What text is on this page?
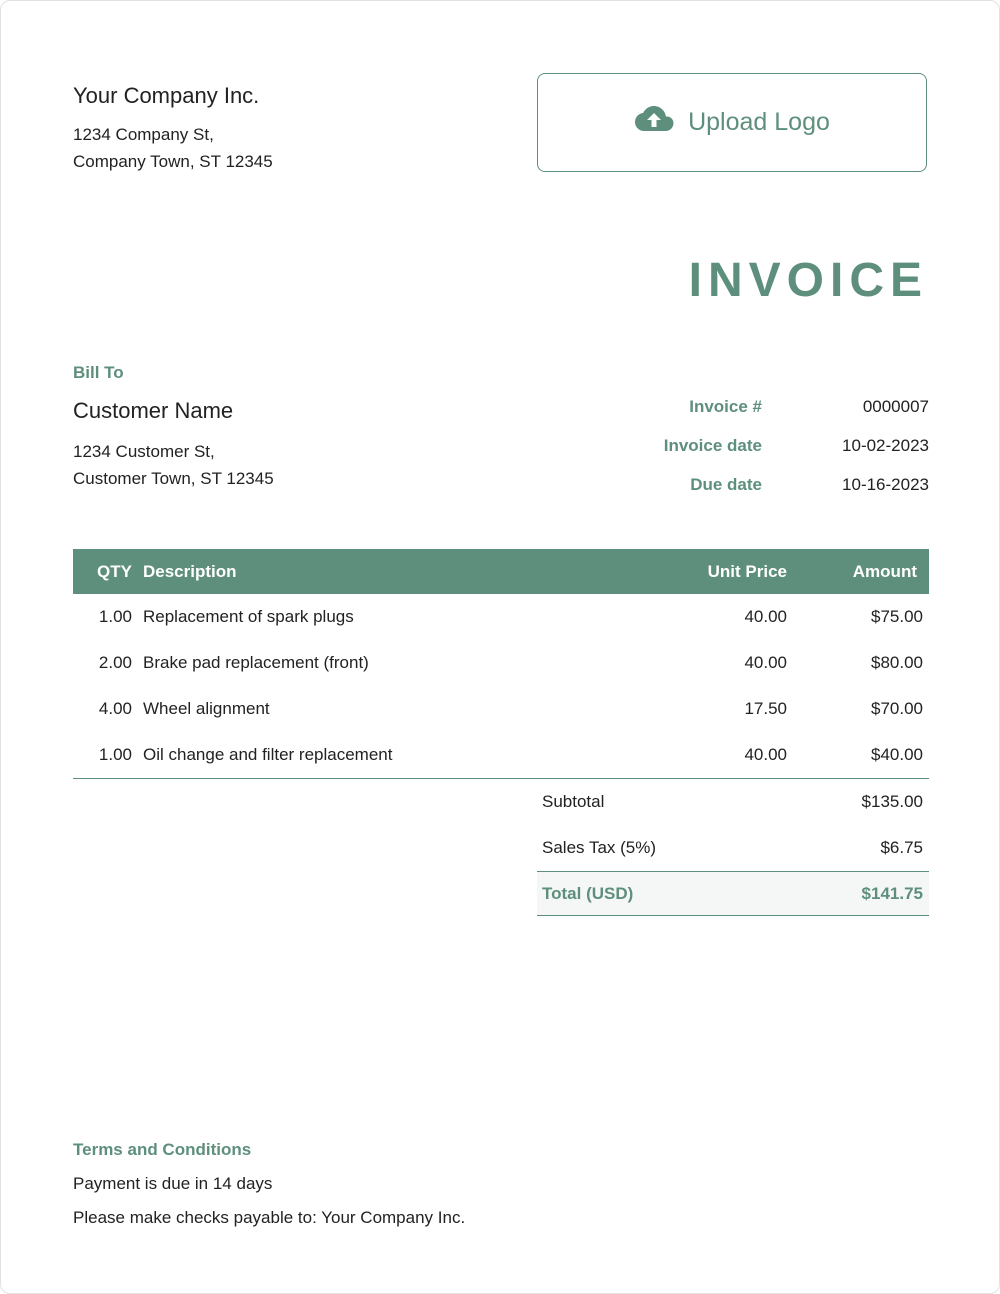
Your Company Inc.
1234 Company St,
Company Town, ST 12345
Upload Logo
INVOICE
Bill To
Customer Name
1234 Customer St,
Customer Town, ST 12345
Invoice #	0000007
Invoice date	10-02-2023
Due date	10-16-2023
QTY	Description	Unit Price	Amount
1.00	Replacement of spark plugs	40.00	$75.00
2.00	Brake pad replacement (front)	40.00	$80.00
4.00	Wheel alignment	17.50	$70.00
1.00	Oil change and filter replacement	40.00	$40.00
Subtotal	$135.00
Sales Tax (5%)	$6.75
Total (USD)	$141.75
Terms and Conditions
Payment is due in 14 days
Please make checks payable to: Your Company Inc.
